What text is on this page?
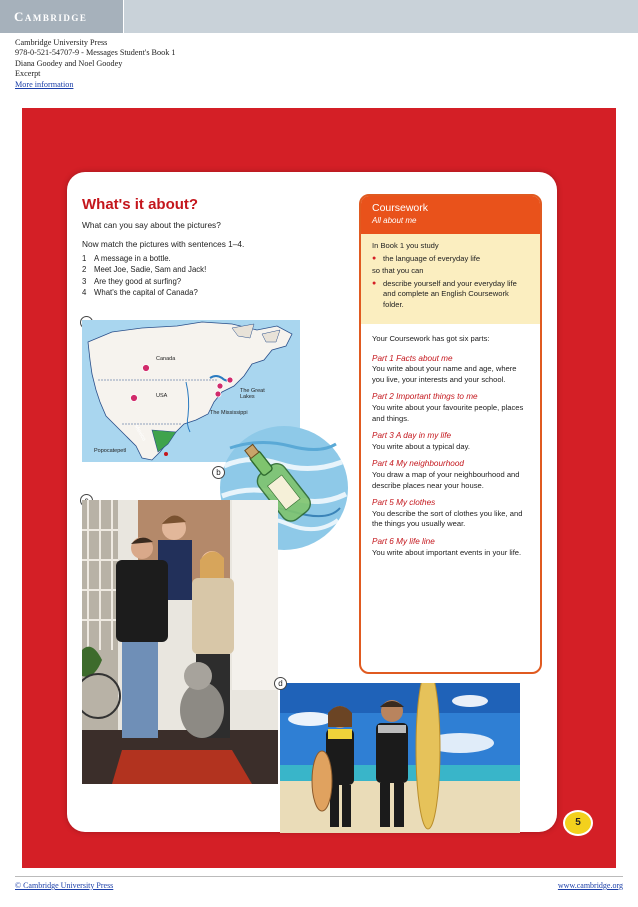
Cambridge
Cambridge University Press
978-0-521-54707-9 - Messages Student's Book 1
Diana Goodey and Noel Goodey
Excerpt
More information
What's it about?
What can you say about the pictures?
Now match the pictures with sentences 1–4.
1 A message in a bottle.
2 Meet Joe, Sadie, Sam and Jack!
3 Are they good at surfing?
4 What's the capital of Canada?
Canada
USA
The Great Lakes
The Mississippi
Mexico
Popocatepetl
b
d
Coursework
All about me

In Book 1 you study

● the language of everyday life

so that you can

● describe yourself and your everyday life and complete an English Coursework folder.

Your Coursework has got six parts:

Part 1 Facts about me

You write about your name and age, where you live, your interests and your school.

Part 2 Important things to me

You write about your favourite people, places and things.

Part 3 A day in my life

You write about a typical day.

Part 4 My neighbourhood

You draw a map of your neighbourhood and describe places near your house.

Part 5 My clothes

You describe the sort of clothes you like, and the things you usually wear.

Part 6 My life line

You write about important events in your life.

5
© Cambridge University Press	www.cambridge.org
